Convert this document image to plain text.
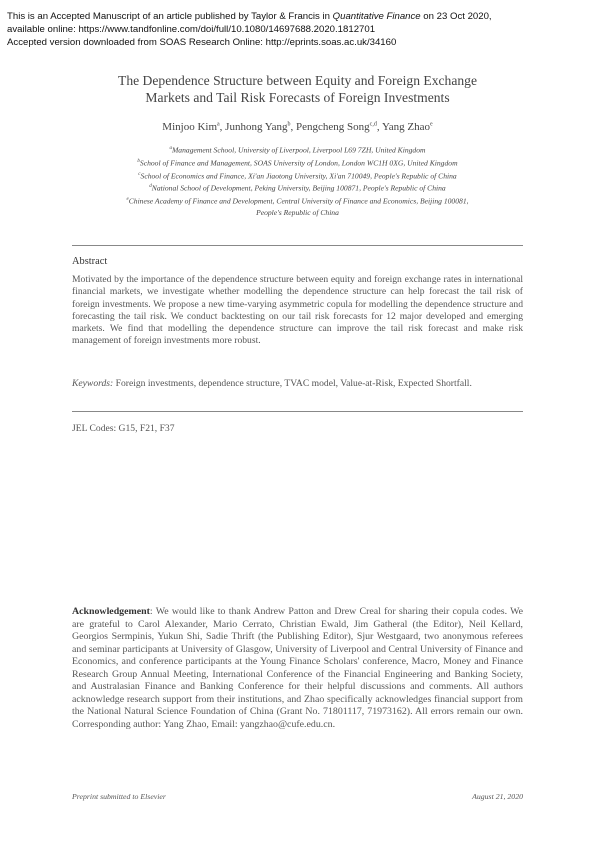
This is an Accepted Manuscript of an article published by Taylor & Francis in Quantitative Finance on 23 Oct 2020,
available online: https://www.tandfonline.com/doi/full/10.1080/14697688.2020.1812701
Accepted version downloaded from SOAS Research Online: http://eprints.soas.ac.uk/34160
The Dependence Structure between Equity and Foreign Exchange
Markets and Tail Risk Forecasts of Foreign Investments
Minjoo Kim$^a$, Junhong Yang$^b$, Pengcheng Song$^{c,d}$, Yang Zhao$^e$
$^a$Management School, University of Liverpool, Liverpool L69 7ZH, United Kingdom
$^b$School of Finance and Management, SOAS University of London, London WC1H 0XG, United Kingdom
$^c$School of Economics and Finance, Xi'an Jiaotong University, Xi'an 710049, People's Republic of China
$^d$National School of Development, Peking University, Beijing 100871, People's Republic of China
$^e$Chinese Academy of Finance and Development, Central University of Finance and Economics, Beijing 100081,
People's Republic of China
Abstract
Motivated by the importance of the dependence structure between equity and foreign exchange rates in international financial markets, we investigate whether modelling the dependence structure can help forecast the tail risk of foreign investments. We propose a new time-varying asymmetric copula for modelling the dependence structure and forecasting the tail risk. We conduct backtesting on our tail risk forecasts for 12 major developed and emerging markets. We find that modelling the dependence structure can improve the tail risk forecast and make risk management of foreign investments more robust.
Keywords: Foreign investments, dependence structure, TVAC model, Value-at-Risk, Expected Shortfall.
JEL Codes: G15, F21, F37
Acknowledgement: We would like to thank Andrew Patton and Drew Creal for sharing their copula codes. We are grateful to Carol Alexander, Mario Cerrato, Christian Ewald, Jim Gatheral (the Editor), Neil Kellard, Georgios Sermpinis, Yukun Shi, Sadie Thrift (the Publishing Editor), Sjur Westgaard, two anonymous referees and seminar participants at University of Glasgow, University of Liverpool and Central University of Finance and Economics, and conference participants at the Young Finance Scholars' conference, Macro, Money and Finance Research Group Annual Meeting, International Conference of the Financial Engineering and Banking Society, and Australasian Finance and Banking Conference for their helpful discussions and comments. All authors acknowledge research support from their institutions, and Zhao specifically acknowledges financial support from the National Natural Science Foundation of China (Grant No. 71801117, 71973162). All errors remain our own. Corresponding author: Yang Zhao, Email: yangzhao@cufe.edu.cn.
Preprint submitted to Elsevier	August 21, 2020
